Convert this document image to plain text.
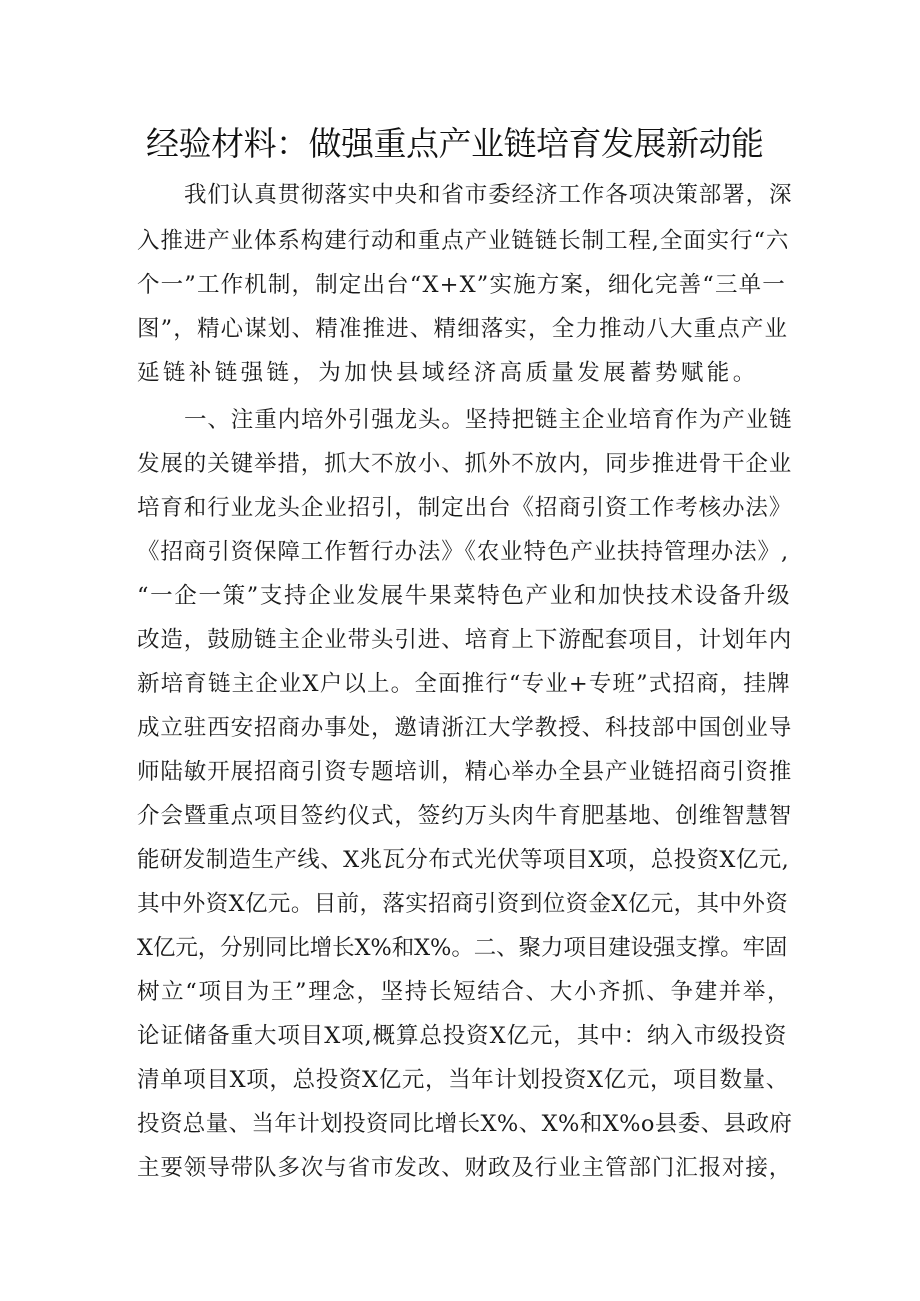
经验材料：做强重点产业链培育发展新动能
我们认真贯彻落实中央和省市委经济工作各项决策部署，深
入推进产业体系构建行动和重点产业链链长制工程,全面实行“六
个一”工作机制，制定出台“X+X”实施方案，细化完善“三单一
图”，精心谋划、精准推进、精细落实，全力推动八大重点产业
延链补链强链，为加快县域经济高质量发展蓄势赋能。
一、注重内培外引强龙头。坚持把链主企业培育作为产业链
发展的关键举措，抓大不放小、抓外不放内，同步推进骨干企业
培育和行业龙头企业招引，制定出台《招商引资工作考核办法》
《招商引资保障工作暂行办法》《农业特色产业扶持管理办法》,
“一企一策”支持企业发展牛果菜特色产业和加快技术设备升级
改造，鼓励链主企业带头引进、培育上下游配套项目，计划年内
新培育链主企业X户以上。全面推行“专业+专班”式招商，挂牌
成立驻西安招商办事处，邀请浙江大学教授、科技部中国创业导
师陆敏开展招商引资专题培训，精心举办全县产业链招商引资推
介会暨重点项目签约仪式，签约万头肉牛育肥基地、创维智慧智
能研发制造生产线、X兆瓦分布式光伏等项目X项，总投资X亿元,
其中外资X亿元。目前，落实招商引资到位资金X亿元，其中外资
X亿元，分别同比增长X%和X%。二、聚力项目建设强支撑。牢固
树立“项目为王”理念，坚持长短结合、大小齐抓、争建并举，
论证储备重大项目X项,概算总投资X亿元，其中：纳入市级投资
清单项目X项，总投资X亿元，当年计划投资X亿元，项目数量、
投资总量、当年计划投资同比增长X%、X%和X%o县委、县政府
主要领导带队多次与省市发改、财政及行业主管部门汇报对接，
